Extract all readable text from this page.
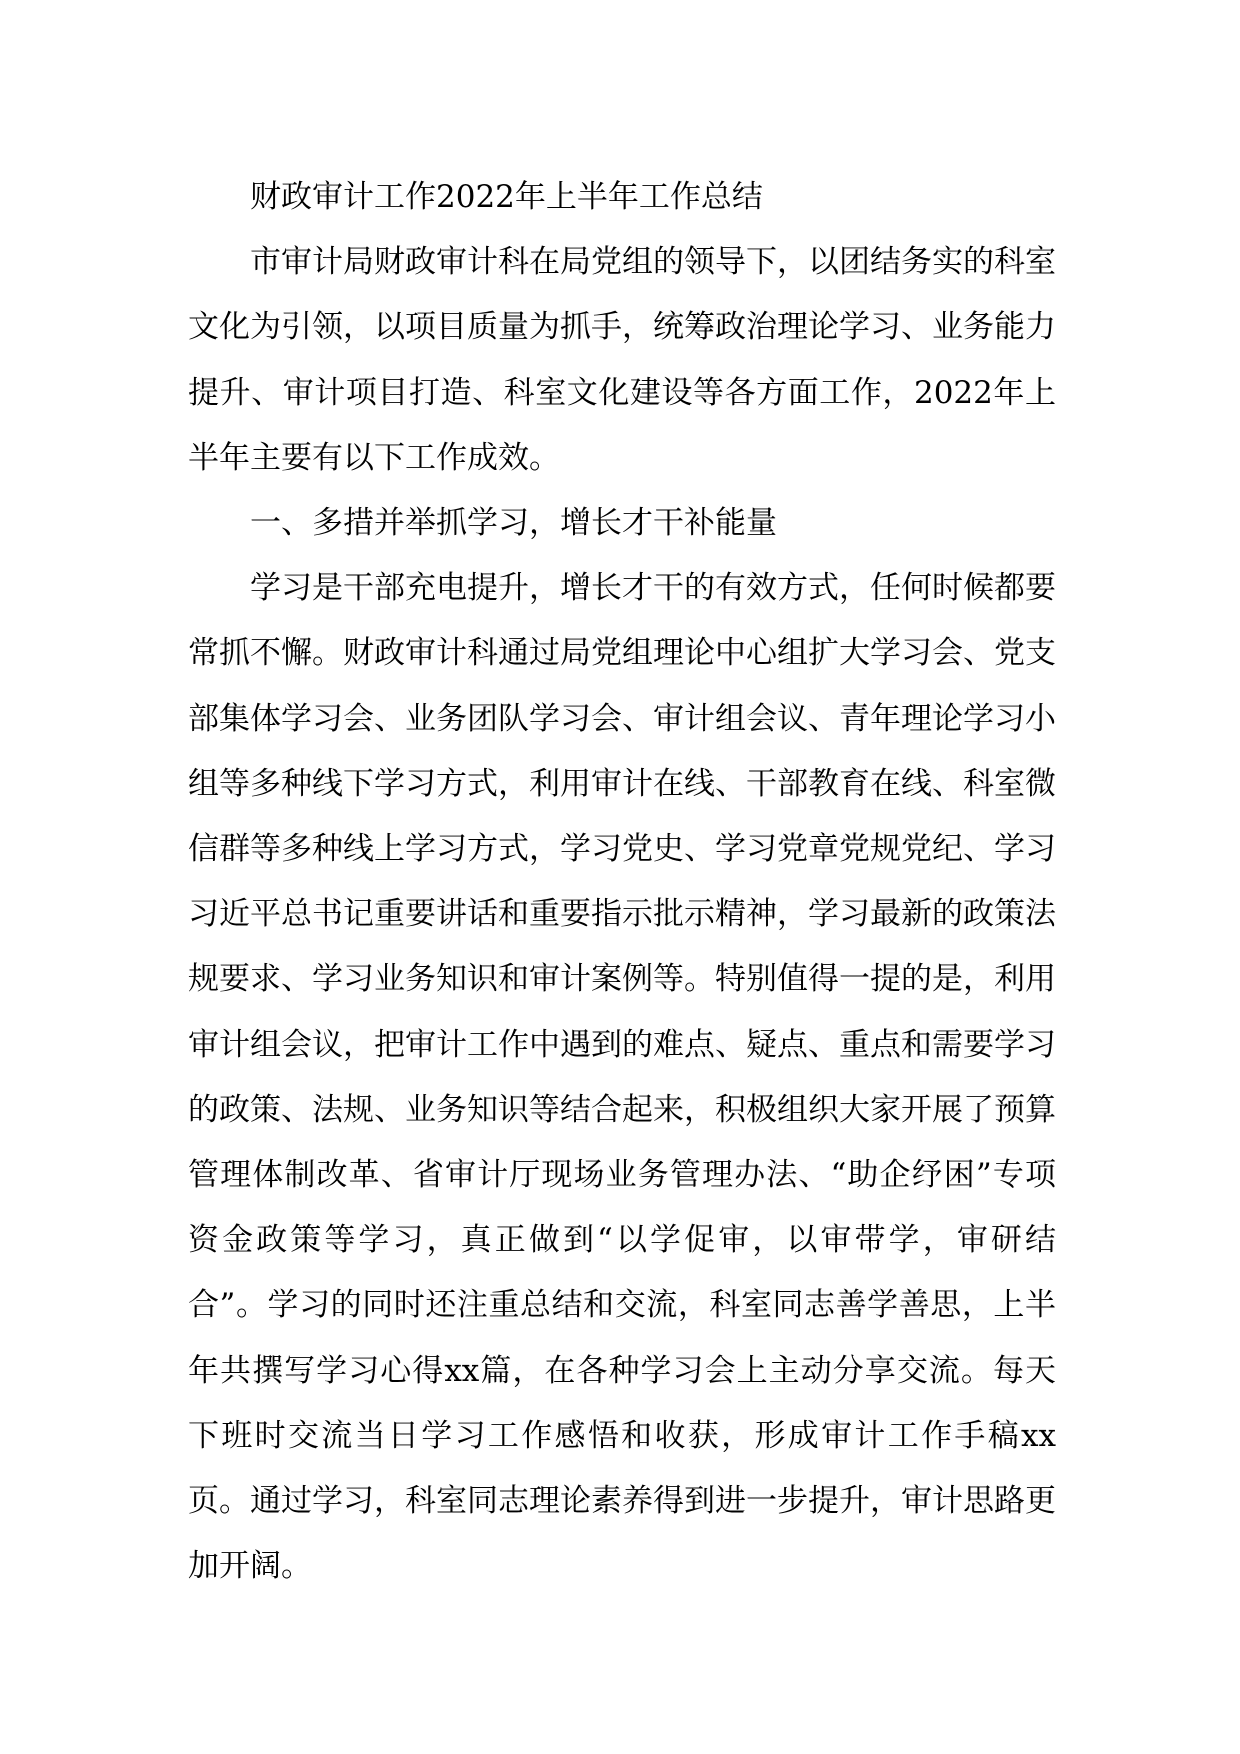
财政审计工作2022年上半年工作总结

市审计局财政审计科在局党组的领导下，以团结务实的科室文化为引领，以项目质量为抓手，统筹政治理论学习、业务能力提升、审计项目打造、科室文化建设等各方面工作，2022年上半年主要有以下工作成效。

一、多措并举抓学习，增长才干补能量

学习是干部充电提升，增长才干的有效方式，任何时候都要常抓不懈。财政审计科通过局党组理论中心组扩大学习会、党支部集体学习会、业务团队学习会、审计组会议、青年理论学习小组等多种线下学习方式，利用审计在线、干部教育在线、科室微信群等多种线上学习方式，学习党史、学习党章党规党纪、学习习近平总书记重要讲话和重要指示批示精神，学习最新的政策法规要求、学习业务知识和审计案例等。特别值得一提的是，利用审计组会议，把审计工作中遇到的难点、疑点、重点和需要学习的政策、法规、业务知识等结合起来，积极组织大家开展了预算管理体制改革、省审计厅现场业务管理办法、“助企纾困”专项资金政策等学习，真正做到“以学促审，以审带学，审研结合”。学习的同时还注重总结和交流，科室同志善学善思，上半年共撰写学习心得xx篇，在各种学习会上主动分享交流。每天下班时交流当日学习工作感悟和收获，形成审计工作手稿xx页。通过学习，科室同志理论素养得到进一步提升，审计思路更加开阔。
